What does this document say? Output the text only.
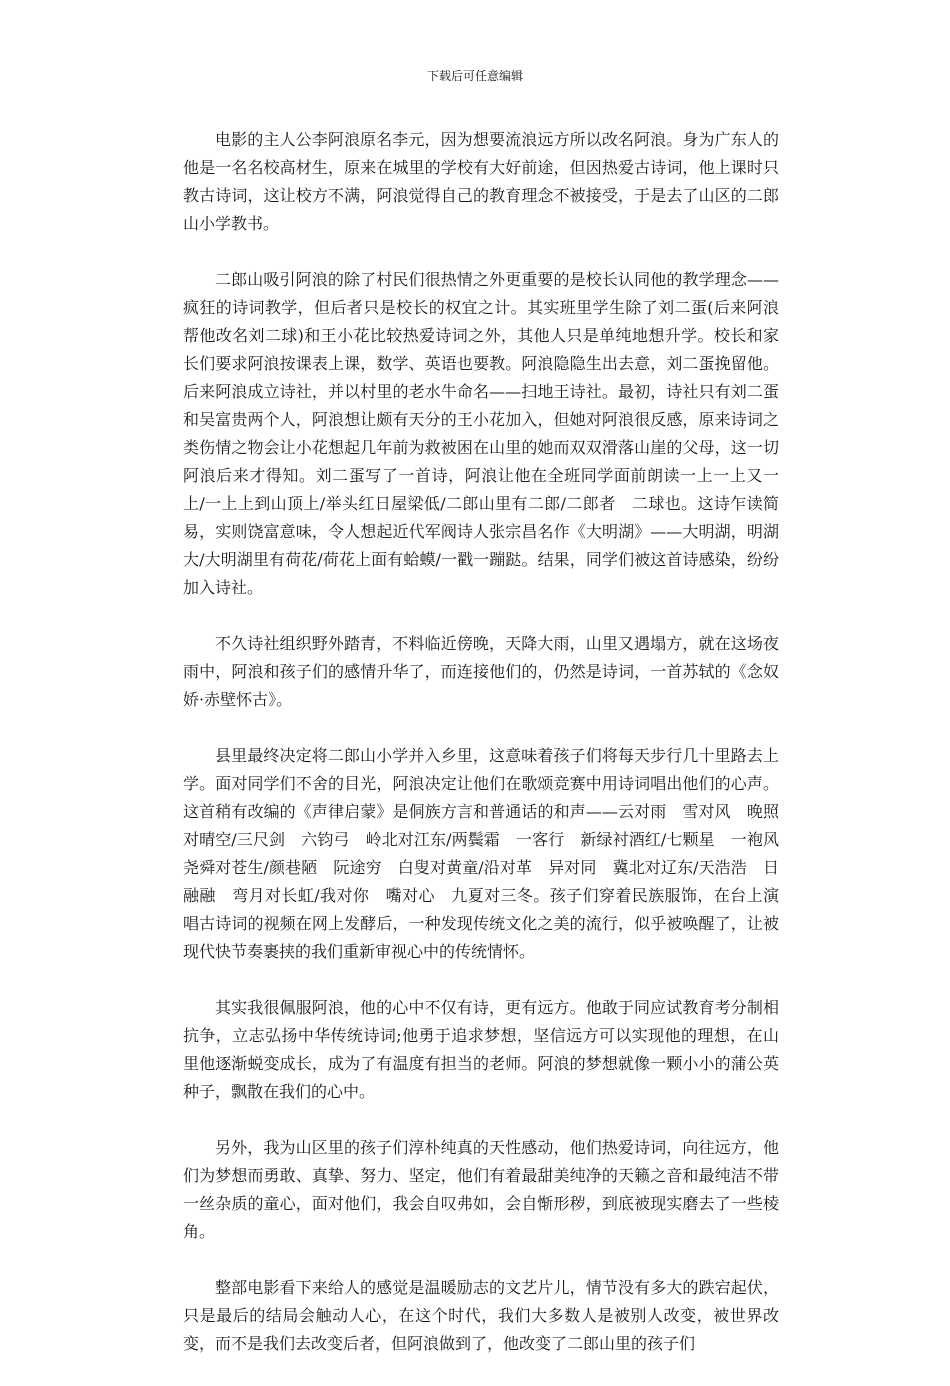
下载后可任意编辑

电影的主人公李阿浪原名李元，因为想要流浪远方所以改名阿浪。身为广东人的他是一名名校高材生，原来在城里的学校有大好前途，但因热爱古诗词，他上课时只教古诗词，这让校方不满，阿浪觉得自己的教育理念不被接受，于是去了山区的二郎山小学教书。

二郎山吸引阿浪的除了村民们很热情之外更重要的是校长认同他的教学理念——疯狂的诗词教学，但后者只是校长的权宜之计。其实班里学生除了刘二蛋(后来阿浪帮他改名刘二球)和王小花比较热爱诗词之外，其他人只是单纯地想升学。校长和家长们要求阿浪按课表上课，数学、英语也要教。阿浪隐隐生出去意，刘二蛋挽留他。后来阿浪成立诗社，并以村里的老水牛命名——扫地王诗社。最初，诗社只有刘二蛋和吴富贵两个人，阿浪想让颇有天分的王小花加入，但她对阿浪很反感，原来诗词之类伤情之物会让小花想起几年前为救被困在山里的她而双双滑落山崖的父母，这一切阿浪后来才得知。刘二蛋写了一首诗，阿浪让他在全班同学面前朗读一上一上又一上/一上上到山顶上/举头红日屋梁低/二郎山里有二郎/二郎者　二球也。这诗乍读简易，实则饶富意味，令人想起近代军阀诗人张宗昌名作《大明湖》——大明湖，明湖大/大明湖里有荷花/荷花上面有蛤蟆/一戳一蹦跶。结果，同学们被这首诗感染，纷纷加入诗社。

不久诗社组织野外踏青，不料临近傍晚，天降大雨，山里又遇塌方，就在这场夜雨中，阿浪和孩子们的感情升华了，而连接他们的，仍然是诗词，一首苏轼的《念奴娇·赤壁怀古》。

县里最终决定将二郎山小学并入乡里，这意味着孩子们将每天步行几十里路去上学。面对同学们不舍的目光，阿浪决定让他们在歌颂竞赛中用诗词唱出他们的心声。这首稍有改编的《声律启蒙》是侗族方言和普通话的和声——云对雨　雪对风　晚照对晴空/三尺剑　六钧弓　岭北对江东/两鬓霜　一客行　新绿衬酒红/七颗星　一袍风　尧舜对苍生/颜巷陋　阮途穷　白叟对黄童/沿对革　异对同　冀北对辽东/天浩浩　日融融　弯月对长虹/我对你　嘴对心　九夏对三冬。孩子们穿着民族服饰，在台上演唱古诗词的视频在网上发酵后，一种发现传统文化之美的流行，似乎被唤醒了，让被现代快节奏裹挟的我们重新审视心中的传统情怀。

其实我很佩服阿浪，他的心中不仅有诗，更有远方。他敢于同应试教育考分制相抗争，立志弘扬中华传统诗词;他勇于追求梦想，坚信远方可以实现他的理想，在山里他逐渐蜕变成长，成为了有温度有担当的老师。阿浪的梦想就像一颗小小的蒲公英种子，飘散在我们的心中。

另外，我为山区里的孩子们淳朴纯真的天性感动，他们热爱诗词，向往远方，他们为梦想而勇敢、真挚、努力、坚定，他们有着最甜美纯净的天籁之音和最纯洁不带一丝杂质的童心，面对他们，我会自叹弗如，会自惭形秽，到底被现实磨去了一些棱角。

整部电影看下来给人的感觉是温暖励志的文艺片儿，情节没有多大的跌宕起伏，只是最后的结局会触动人心，在这个时代，我们大多数人是被别人改变，被世界改变，而不是我们去改变后者，但阿浪做到了，他改变了二郎山里的孩子们
